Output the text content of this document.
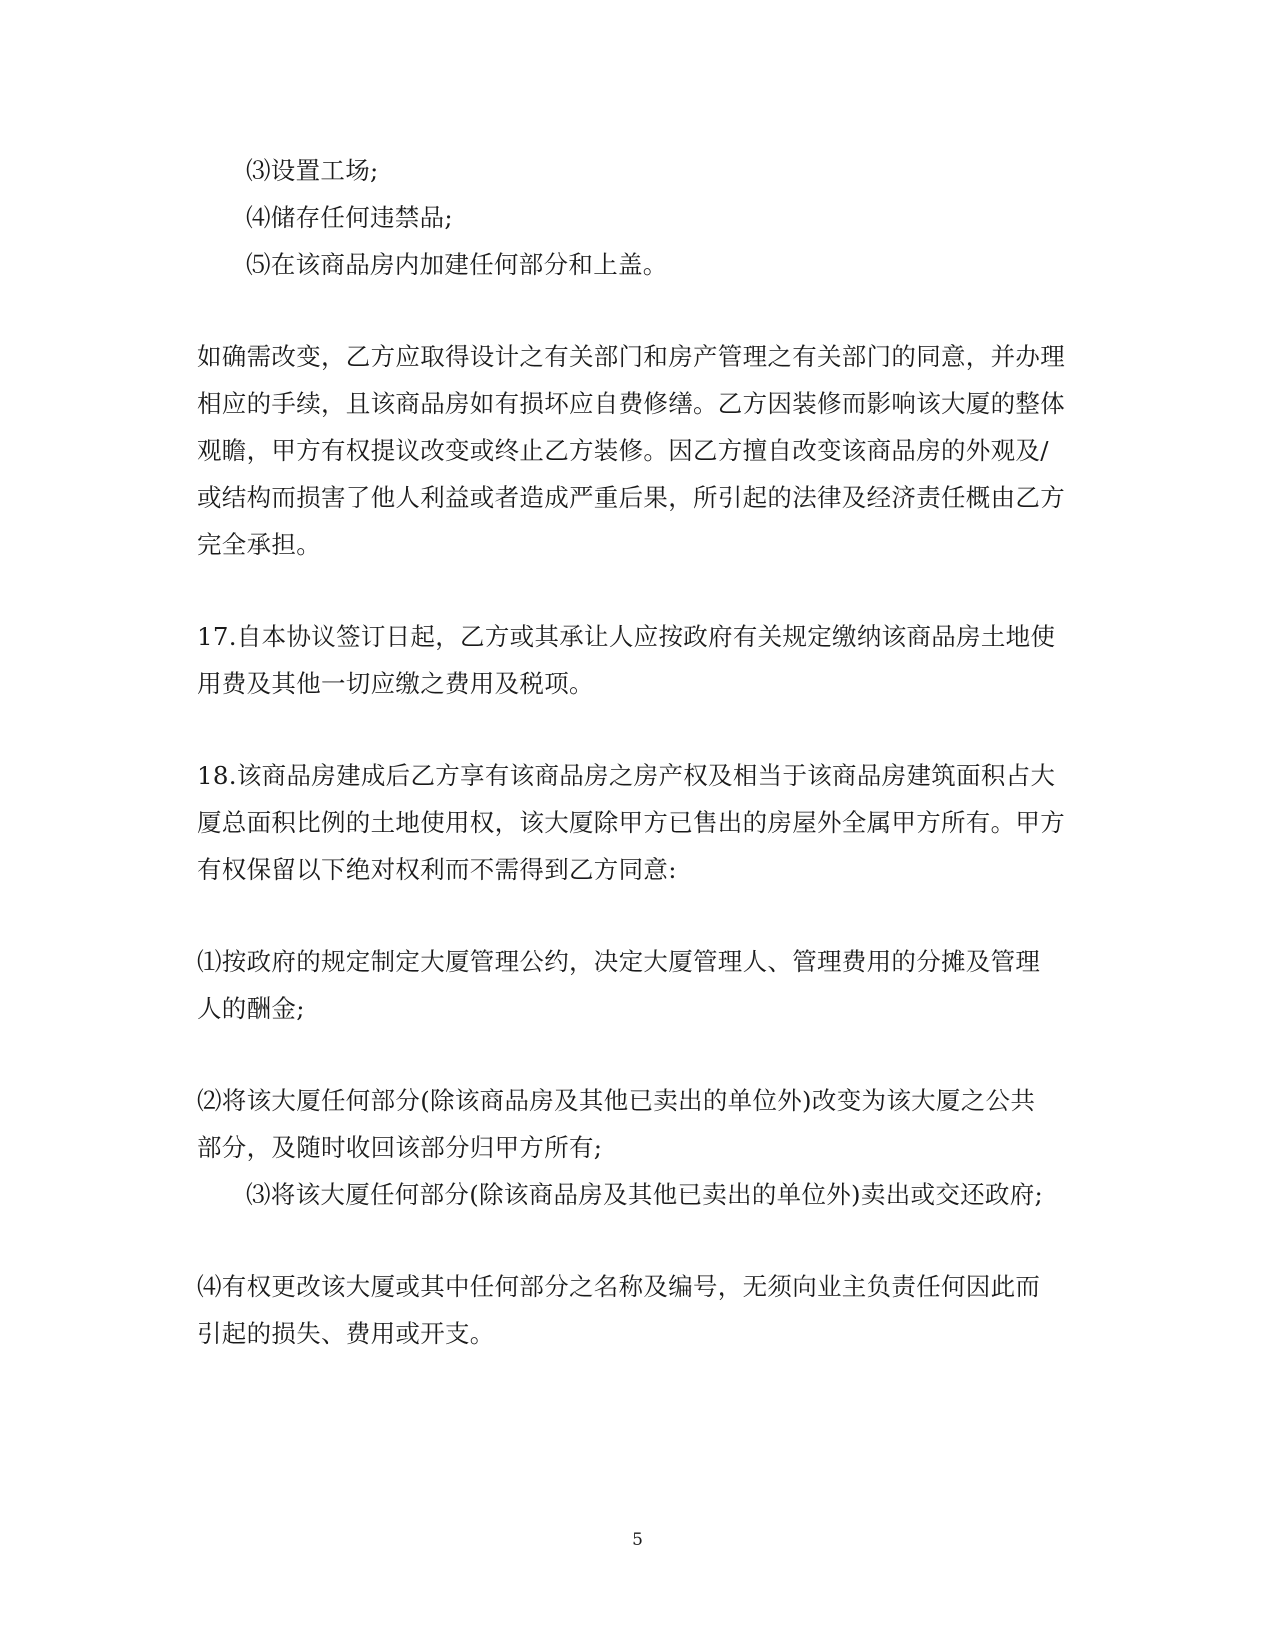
⑶设置工场;
⑷储存任何违禁品;
⑸在该商品房内加建任何部分和上盖。
如确需改变，乙方应取得设计之有关部门和房产管理之有关部门的同意，并办理
相应的手续，且该商品房如有损坏应自费修缮。乙方因装修而影响该大厦的整体
观瞻，甲方有权提议改变或终止乙方装修。因乙方擅自改变该商品房的外观及/
或结构而损害了他人利益或者造成严重后果，所引起的法律及经济责任概由乙方
完全承担。
17.自本协议签订日起，乙方或其承让人应按政府有关规定缴纳该商品房土地使
用费及其他一切应缴之费用及税项。
18.该商品房建成后乙方享有该商品房之房产权及相当于该商品房建筑面积占大
厦总面积比例的土地使用权，该大厦除甲方已售出的房屋外全属甲方所有。甲方
有权保留以下绝对权利而不需得到乙方同意:
⑴按政府的规定制定大厦管理公约，决定大厦管理人、管理费用的分摊及管理
人的酬金;
⑵将该大厦任何部分(除该商品房及其他已卖出的单位外)改变为该大厦之公共
部分，及随时收回该部分归甲方所有;
⑶将该大厦任何部分(除该商品房及其他已卖出的单位外)卖出或交还政府;
⑷有权更改该大厦或其中任何部分之名称及编号，无须向业主负责任何因此而
引起的损失、费用或开支。
5
